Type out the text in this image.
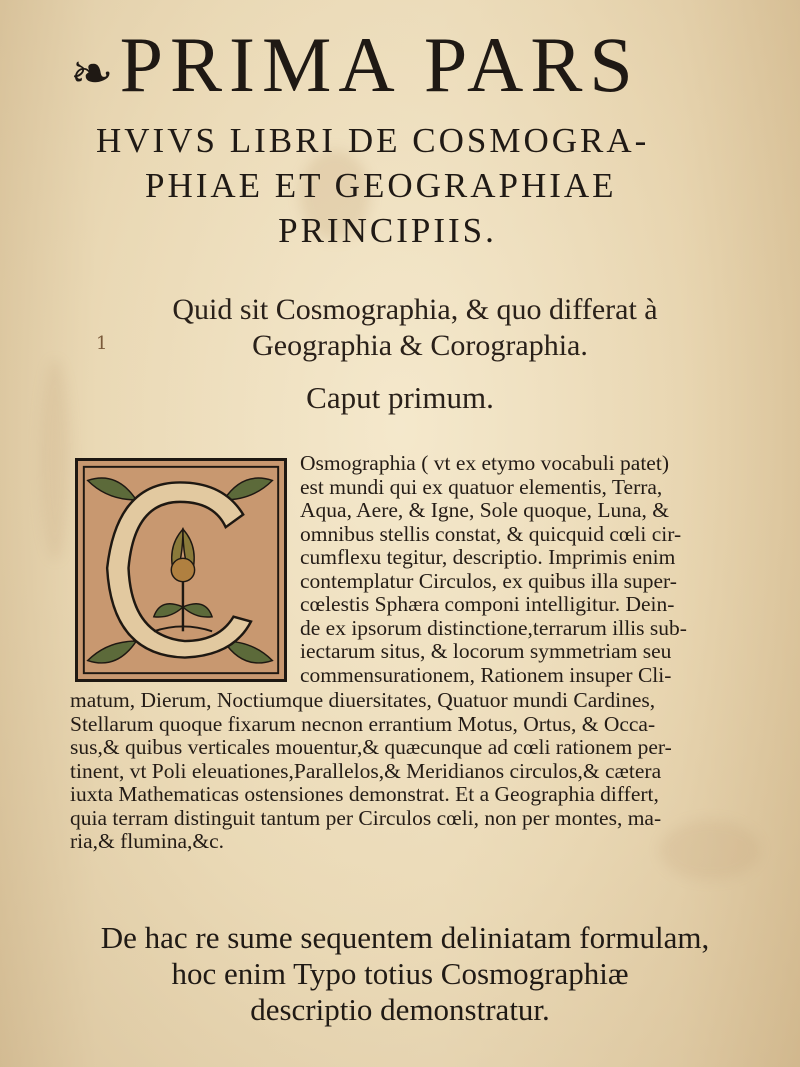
❧ PRIMA PARS
HVIVS LIBRI DE COSMOGRA-
PHIAE ET GEOGRAPHIAE
PRINCIPIIS.
1
Quid sit Cosmographia, & quo differat à
Geographia & Corographia.
Caput primum.
Osmographia ( vt ex etymo vocabuli patet)
est mundi qui ex quatuor elementis, Terra,
Aqua, Aere, & Igne, Sole quoque, Luna, &
omnibus stellis constat, & quicquid cœli cir-
cumflexu tegitur, descriptio. Imprimis enim
contemplatur Circulos, ex quibus illa super-
cœlestis Sphæra componi intelligitur. Dein-
de ex ipsorum distinctione,terrarum illis sub-
iectarum situs, & locorum symmetriam seu
commensurationem, Rationem insuper Cli-
matum, Dierum, Noctiumque diuersitates, Quatuor mundi Cardines,
Stellarum quoque fixarum necnon errantium Motus, Ortus, & Occa-
sus,& quibus verticales mouentur,& quæcunque ad cœli rationem per-
tinent, vt Poli eleuationes,Parallelos,& Meridianos circulos,& cætera
iuxta Mathematicas ostensiones demonstrat. Et a Geographia differt,
quia terram distinguit tantum per Circulos cœli, non per montes, ma-
ria,& flumina,&c.
De hac re sume sequentem deliniatam formulam,
hoc enim Typo totius Cosmographiæ
descriptio demonstratur.
